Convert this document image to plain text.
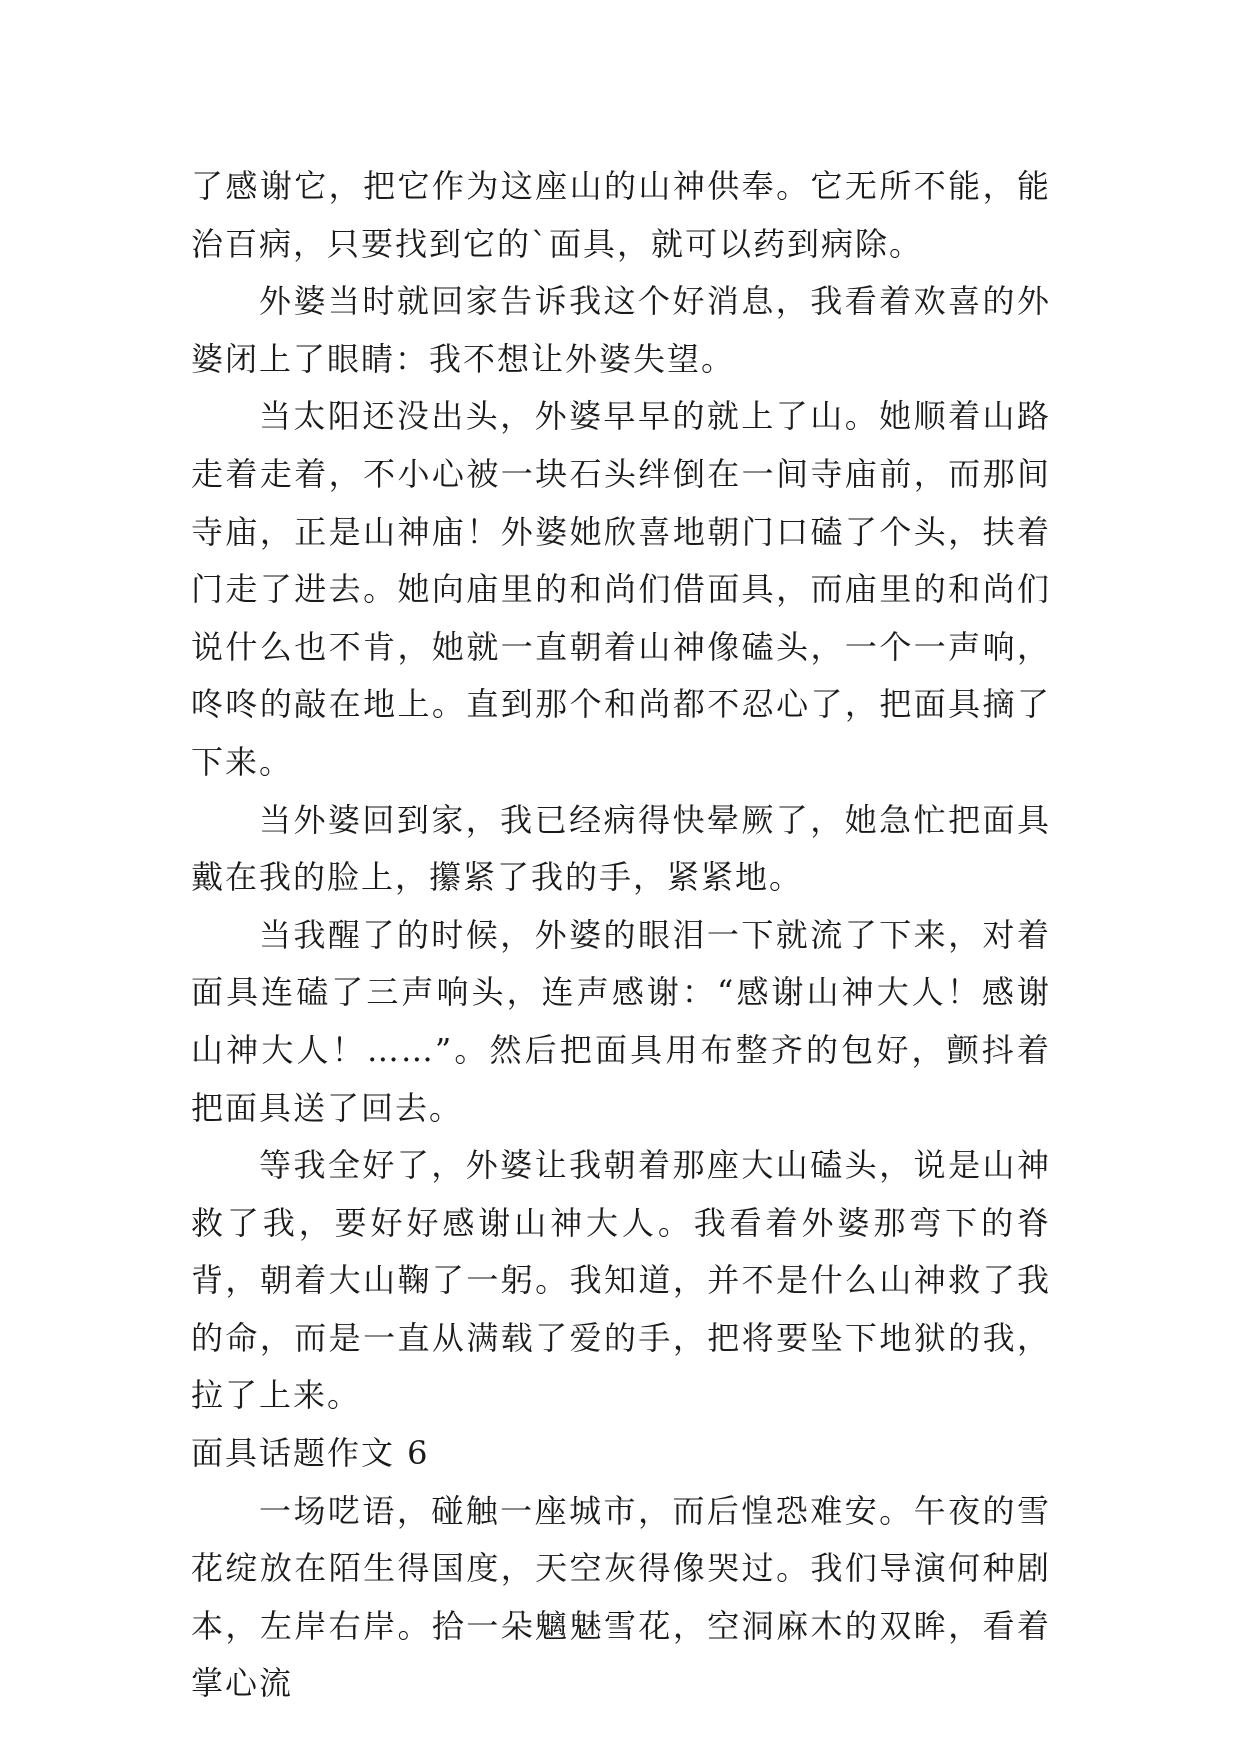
了感谢它，把它作为这座山的山神供奉。它无所不能，能治百病，只要找到它的`面具，就可以药到病除。

外婆当时就回家告诉我这个好消息，我看着欢喜的外婆闭上了眼睛：我不想让外婆失望。

当太阳还没出头，外婆早早的就上了山。她顺着山路走着走着，不小心被一块石头绊倒在一间寺庙前，而那间寺庙，正是山神庙！外婆她欣喜地朝门口磕了个头，扶着门走了进去。她向庙里的和尚们借面具，而庙里的和尚们说什么也不肯，她就一直朝着山神像磕头，一个一声响，咚咚的敲在地上。直到那个和尚都不忍心了，把面具摘了下来。

当外婆回到家，我已经病得快晕厥了，她急忙把面具戴在我的脸上，攥紧了我的手，紧紧地。

当我醒了的时候，外婆的眼泪一下就流了下来，对着面具连磕了三声响头，连声感谢：“感谢山神大人！感谢山神大人！……”。然后把面具用布整齐的包好，颤抖着把面具送了回去。

等我全好了，外婆让我朝着那座大山磕头，说是山神救了我，要好好感谢山神大人。我看着外婆那弯下的脊背，朝着大山鞠了一躬。我知道，并不是什么山神救了我的命，而是一直从满载了爱的手，把将要坠下地狱的我，拉了上来。

面具话题作文 6

一场呓语，碰触一座城市，而后惶恐难安。午夜的雪花绽放在陌生得国度，天空灰得像哭过。我们导演何种剧本，左岸右岸。拾一朵魑魅雪花，空洞麻木的双眸，看着掌心流
